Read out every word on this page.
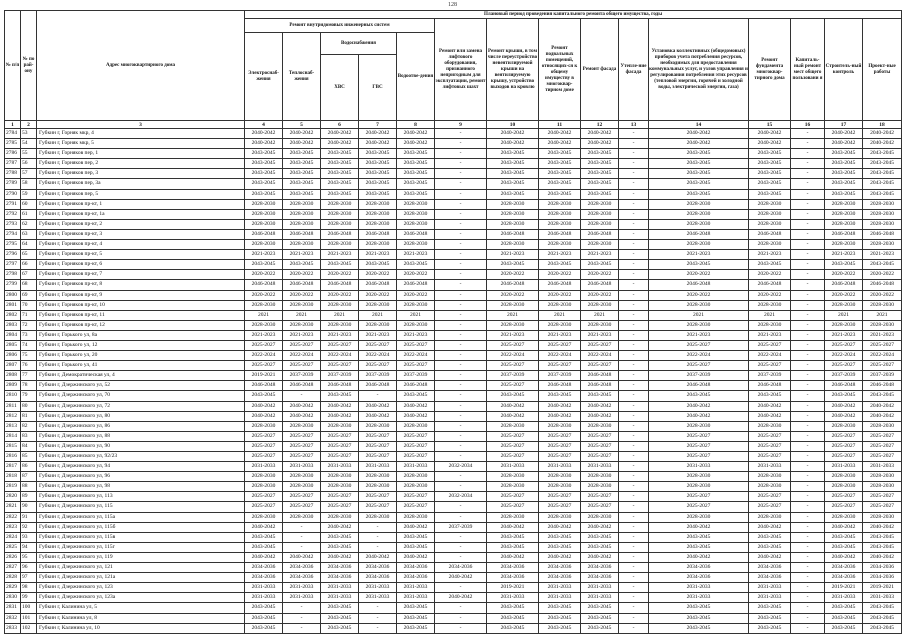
128
№ п/п	№ по рай-ону	Адрес многоквартирного дома	Плановый период проведения капитального ремонта общего имущества, годы														
			Ремонт внутридомовых инженерных систем					Ремонт или замена лифтового оборудования, признанного непригодным для эксплуатации, ремонт лифтовых шахт	Ремонт крыши, в том числе переустройство невентилируемой крыши на вентилируемую крышу, устройство выходов на кровлю	Ремонт подвальных помещений, относящих-ся к общему имуществу в многоквар-тирном доме	Ремонт фасада	Утепле-ние фасада	Установка коллективных (общедомовых) приборов учета потребления ресурсов, необходимых для предоставления коммунальных услуг, и узлов управления и регулирования потребления этих ресурсов (тепловой энергии, горячей и холодной воды, электрической энергии, газа)	Ремонт фундамента многоквар-тирного дома	Капиталь-ный ремонт мест общего пользовани я	Строитель-ный контроль	Проект-ные работы
			Электроснаб-жения	Теплоснаб-жения	Водоснабжения		Водоотве-дения										
					ХВС	ГВС											
1	2	3	4	5	6	7	8	9	10	11	12	13	14	15	16	17	18
2784	53	Губкин г, Горняк мкр, 4	2040-2042	2040-2042	2040-2042	2040-2042	2040-2042	-	2040-2042	2040-2042	2040-2042	-	2040-2042	2040-2042	-	2040-2042	2040-2042
2785	54	Губкин г, Горняк мкр, 5	2040-2042	2040-2042	2040-2042	2040-2042	2040-2042	-	2040-2042	2040-2042	2040-2042	-	2040-2042	2040-2042	-	2040-2042	2040-2042
2786	55	Губкин г, Горняков пер, 1	2043-2045	2043-2045	2043-2045	2043-2045	2043-2045	-	2043-2045	2043-2045	2043-2045	-	2043-2045	2043-2045	-	2043-2045	2043-2045
2787	56	Губкин г, Горняков пер, 2	2043-2045	2043-2045	2043-2045	2043-2045	2043-2045	-	2043-2045	2043-2045	2043-2045	-	2043-2045	2043-2045	-	2043-2045	2043-2045
2788	57	Губкин г, Горняков пер, 3	2043-2045	2043-2045	2043-2045	2043-2045	2043-2045	-	2043-2045	2043-2045	2043-2045	-	2043-2045	2043-2045	-	2043-2045	2043-2045
2789	58	Губкин г, Горняков пер, 3а	2043-2045	2043-2045	2043-2045	2043-2045	2043-2045	-	2043-2045	2043-2045	2043-2045	-	2043-2045	2043-2045	-	2043-2045	2043-2045
2790	59	Губкин г, Горняков пер, 5	2043-2045	2043-2045	2043-2045	2043-2045	2043-2045	-	2043-2045	2043-2045	2043-2045	-	2043-2045	2043-2045	-	2043-2045	2043-2045
2791	60	Губкин г, Горняков пр-кт, 1	2028-2030	2028-2030	2028-2030	2028-2030	2028-2030	-	2028-2030	2028-2030	2028-2030	-	2028-2030	2028-2030	-	2028-2030	2028-2030
2792	61	Губкин г, Горняков пр-кт, 1а	2028-2030	2028-2030	2028-2030	2028-2030	2028-2030	-	2028-2030	2028-2030	2028-2030	-	2028-2030	2028-2030	-	2028-2030	2028-2030
2793	62	Губкин г, Горняков пр-кт, 2	2028-2030	2028-2030	2028-2030	2028-2030	2028-2030	-	2028-2030	2028-2030	2028-2030	-	2028-2030	2028-2030	-	2028-2030	2028-2030
2794	63	Губкин г, Горняков пр-кт, 3	2046-2048	2046-2048	2046-2048	2046-2048	2046-2048	-	2046-2048	2046-2048	2046-2048	-	2046-2048	2046-2048	-	2046-2048	2046-2048
2795	64	Губкин г, Горняков пр-кт, 4	2028-2030	2028-2030	2028-2030	2028-2030	2028-2030	-	2028-2030	2028-2030	2028-2030	-	2028-2030	2028-2030	-	2028-2030	2028-2030
2796	65	Губкин г, Горняков пр-кт, 5	2021-2023	2021-2023	2021-2023	2021-2023	2021-2023	-	2021-2023	2021-2023	2021-2023	-	2021-2023	2021-2023	-	2021-2023	2021-2023
2797	66	Губкин г, Горняков пр-кт, 6	2043-2045	2043-2045	2043-2045	2043-2045	2043-2045	-	2043-2045	2043-2045	2043-2045	-	2043-2045	2043-2045	-	2043-2045	2043-2045
2798	67	Губкин г, Горняков пр-кт, 7	2020-2022	2020-2022	2020-2022	2020-2022	2020-2022	-	2020-2022	2020-2022	2020-2022	-	2020-2022	2020-2022	-	2020-2022	2020-2022
2799	68	Губкин г, Горняков пр-кт, 8	2046-2048	2046-2048	2046-2048	2046-2048	2046-2048	-	2046-2048	2046-2048	2046-2048	-	2046-2048	2046-2048	-	2046-2048	2046-2048
2800	69	Губкин г, Горняков пр-кт, 9	2020-2022	2020-2022	2020-2022	2020-2022	2020-2022	-	2020-2022	2020-2022	2020-2022	-	2020-2022	2020-2022	-	2020-2022	2020-2022
2801	70	Губкин г, Горняков пр-кт, 10	2028-2030	2028-2030	2028-2030	2028-2030	2028-2030	-	2028-2030	2028-2030	2028-2030	-	2028-2030	2028-2030	-	2028-2030	2028-2030
2802	71	Губкин г, Горняков пр-кт, 11	2021	2021	2021	2021	2021	-	2021	2021	2021	-	2021	2021	-	2021	2021
2803	72	Губкин г, Горняков пр-кт, 12	2028-2030	2028-2030	2028-2030	2028-2030	2028-2030	-	2028-2030	2028-2030	2028-2030	-	2028-2030	2028-2030	-	2028-2030	2028-2030
2804	73	Губкин г, Горького ул, 8а	2021-2023	2021-2023	2021-2023	2021-2023	2021-2023	-	2021-2023	2021-2023	2021-2023	-	2021-2023	2021-2023	-	2021-2023	2021-2023
2805	74	Губкин г, Горького ул, 12	2025-2027	2025-2027	2025-2027	2025-2027	2025-2027	-	2025-2027	2025-2027	2025-2027	-	2025-2027	2025-2027	-	2025-2027	2025-2027
2806	75	Губкин г, Горького ул, 20	2022-2024	2022-2024	2022-2024	2022-2024	2022-2024	-	2022-2024	2022-2024	2022-2024	-	2022-2024	2022-2024	-	2022-2024	2022-2024
2807	76	Губкин г, Горького ул, 41	2025-2027	2025-2027	2025-2027	2025-2027	2025-2027	-	2025-2027	2025-2027	2025-2027	-	2025-2027	2025-2027	-	2025-2027	2025-2027
2808	77	Губкин г, Демократическая ул, 4	2019-2021	2037-2039	2037-2039	2037-2039	2037-2039	-	2037-2039	2037-2039	2046-2048	-	2037-2039	2037-2039	-	2037-2039	2037-2039
2809	78	Губкин г, Дзержинского ул, 52	2046-2048	2046-2048	2046-2048	2046-2048	2046-2048	-	2025-2027	2046-2048	2046-2048	-	2046-2048	2046-2048	-	2046-2048	2046-2048
2810	79	Губкин г, Дзержинского ул, 70	2043-2045	-	2043-2045	-	2043-2045	-	2043-2045	2043-2045	2043-2045	-	2043-2045	2043-2045	-	2043-2045	2043-2045
2811	80	Губкин г, Дзержинского ул, 72	2040-2042	2040-2042	2040-2042	2040-2042	2040-2042	-	2040-2042	2040-2042	2040-2042	-	2040-2042	2040-2042	-	2040-2042	2040-2042
2812	81	Губкин г, Дзержинского ул, 80	2040-2042	2040-2042	2040-2042	2040-2042	2040-2042	-	2040-2042	2040-2042	2040-2042	-	2040-2042	2040-2042	-	2040-2042	2040-2042
2813	82	Губкин г, Дзержинского ул, 86	2028-2030	2028-2030	2028-2030	2028-2030	2028-2030	-	2028-2030	2028-2030	2028-2030	-	2028-2030	2028-2030	-	2028-2030	2028-2030
2814	83	Губкин г, Дзержинского ул, 88	2025-2027	2025-2027	2025-2027	2025-2027	2025-2027	-	2025-2027	2025-2027	2025-2027	-	2025-2027	2025-2027	-	2025-2027	2025-2027
2815	84	Губкин г, Дзержинского ул, 90	2025-2027	2025-2027	2025-2027	2025-2027	2025-2027	-	2025-2027	2025-2027	2025-2027	-	2025-2027	2025-2027	-	2025-2027	2025-2027
2816	85	Губкин г, Дзержинского ул, 92/23	2025-2027	2025-2027	2025-2027	2025-2027	2025-2027	-	2025-2027	2025-2027	2025-2027	-	2025-2027	2025-2027	-	2025-2027	2025-2027
2817	86	Губкин г, Дзержинского ул, 94	2031-2033	2031-2033	2031-2033	2031-2033	2031-2033	2032-2034	2031-2033	2031-2033	2031-2033	-	2031-2033	2031-2033	-	2031-2033	2031-2033
2818	87	Губкин г, Дзержинского ул, 96	2028-2030	2028-2030	2028-2030	2028-2030	2028-2030	-	2028-2030	2028-2030	2028-2030	-	2028-2030	2028-2030	-	2028-2030	2028-2030
2819	88	Губкин г, Дзержинского ул, 98	2028-2030	2028-2030	2028-2030	2028-2030	2028-2030	-	2028-2030	2028-2030	2028-2030	-	2028-2030	2028-2030	-	2028-2030	2028-2030
2820	89	Губкин г, Дзержинского ул, 113	2025-2027	2025-2027	2025-2027	2025-2027	2025-2027	2032-2034	2025-2027	2025-2027	2025-2027	-	2025-2027	2025-2027	-	2025-2027	2025-2027
2821	90	Губкин г, Дзержинского ул, 115	2025-2027	2025-2027	2025-2027	2025-2027	2025-2027	-	2025-2027	2025-2027	2025-2027	-	2025-2027	2025-2027	-	2025-2027	2025-2027
2822	91	Губкин г, Дзержинского ул, 115а	2028-2030	2028-2030	2028-2030	2028-2030	2028-2030	-	2028-2030	2028-2030	2028-2030	-	2028-2030	2028-2030	-	2028-2030	2028-2030
2823	92	Губкин г, Дзержинского ул, 115б	2040-2042	-	2040-2042	-	2040-2042	2037-2039	2040-2042	2040-2042	2040-2042	-	2040-2042	2040-2042	-	2040-2042	2040-2042
2824	93	Губкин г, Дзержинского ул, 115в	2043-2045	-	2043-2045	-	2043-2045	-	2043-2045	2043-2045	2043-2045	-	2043-2045	2043-2045	-	2043-2045	2043-2045
2825	94	Губкин г, Дзержинского ул, 115г	2043-2045	-	2043-2045	-	2043-2045	-	2043-2045	2043-2045	2043-2045	-	2043-2045	2043-2045	-	2043-2045	2043-2045
2826	95	Губкин г, Дзержинского ул, 119	2040-2042	2040-2042	2040-2042	2040-2042	2040-2042	-	2040-2042	2040-2042	2040-2042	-	2040-2042	2040-2042	-	2040-2042	2040-2042
2827	96	Губкин г, Дзержинского ул, 121	2034-2036	2034-2036	2034-2036	2034-2036	2034-2036	2034-2036	2034-2036	2034-2036	2034-2036	-	2034-2036	2034-2036	-	2034-2036	2034-2036
2828	97	Губкин г, Дзержинского ул, 121а	2034-2036	2034-2036	2034-2036	2034-2036	2034-2036	2040-2042	2034-2036	2034-2036	2034-2036	-	2034-2036	2034-2036	-	2034-2036	2034-2036
2829	98	Губкин г, Дзержинского ул, 123	2031-2033	2031-2033	2031-2033	2031-2033	2031-2033	-	2019-2021	2031-2033	2031-2033	-	2031-2033	2031-2033	-	2019-2021	2019-2021
2830	99	Губкин г, Дзержинского ул, 123а	2031-2033	2031-2033	2031-2033	2031-2033	2031-2033	2040-2042	2031-2033	2031-2033	2031-2033	-	2031-2033	2031-2033	-	2031-2033	2031-2033
2831	100	Губкин г, Калинина ул, 5	2043-2045	-	2043-2045	-	2043-2045	-	2043-2045	2043-2045	2043-2045	-	2043-2045	2043-2045	-	2043-2045	2043-2045
2832	101	Губкин г, Калинина ул, 8	2043-2045	-	2043-2045	-	2043-2045	-	2043-2045	2043-2045	2043-2045	-	2043-2045	2043-2045	-	2043-2045	2043-2045
2833	102	Губкин г, Калинина ул, 10	2043-2045	-	2043-2045	-	2043-2045	-	2043-2045	2043-2045	2043-2045	-	2043-2045	2043-2045	-	2043-2045	2043-2045
